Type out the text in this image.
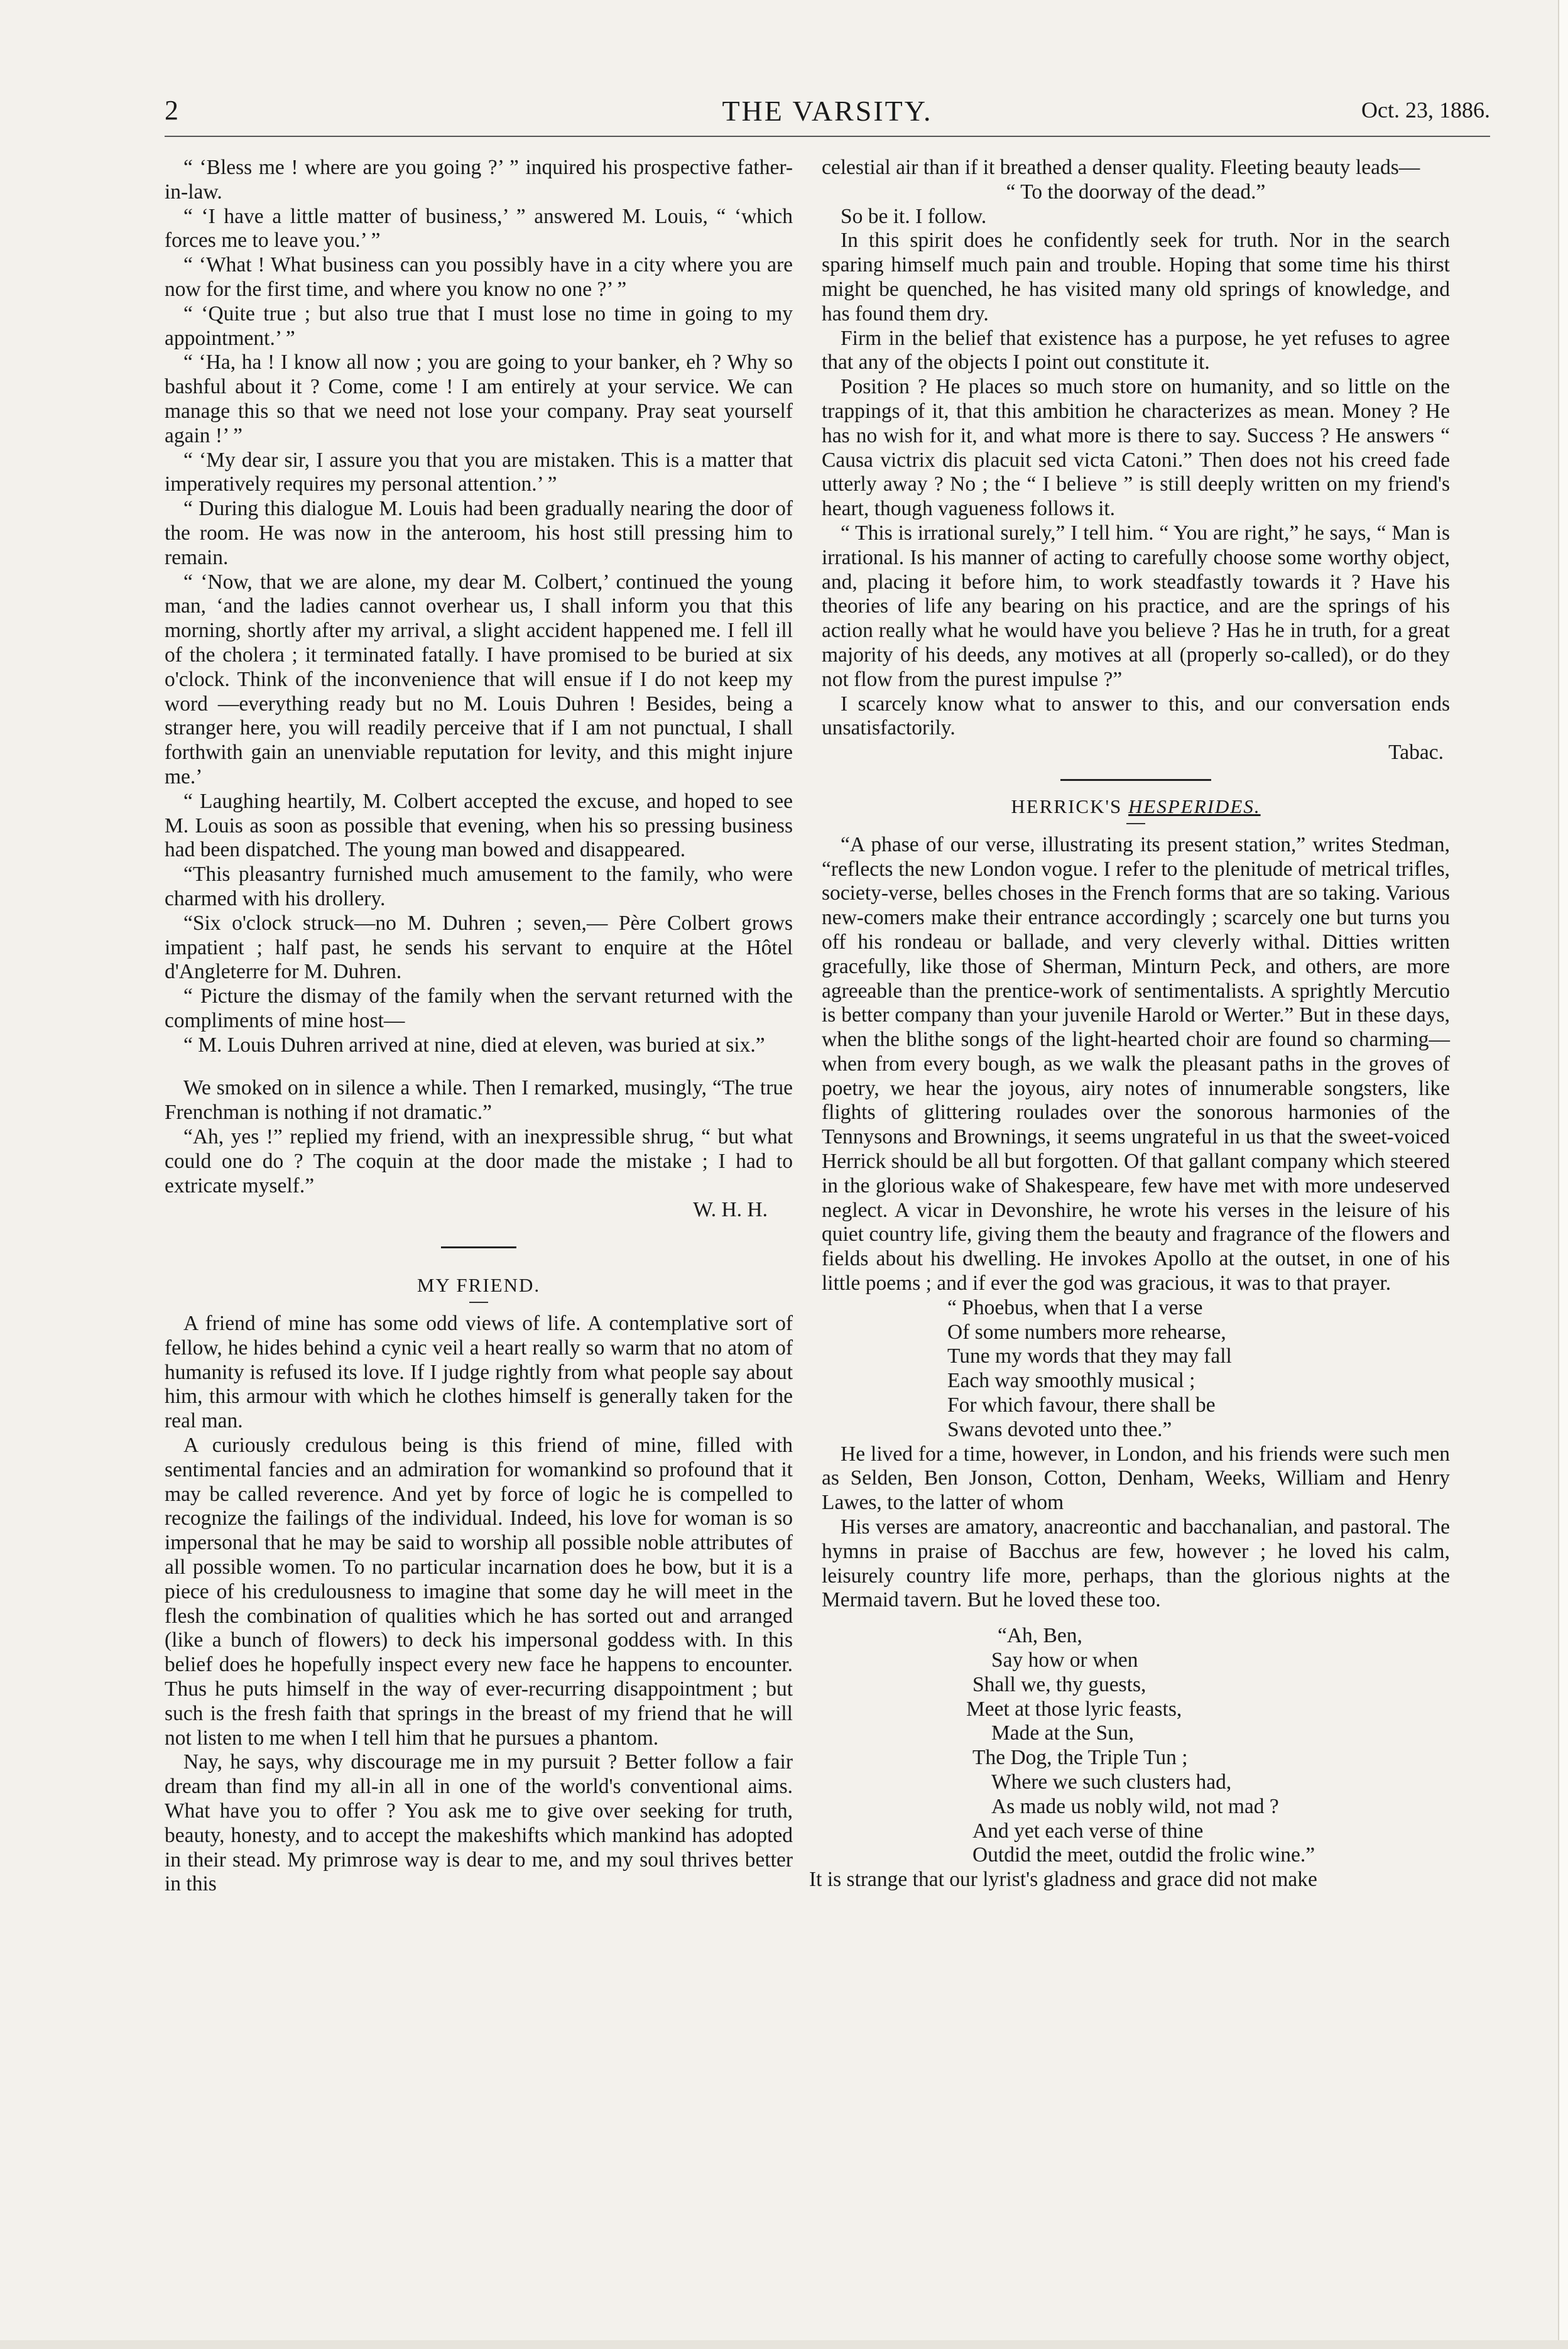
2	THE VARSITY.	Oct. 23, 1886.

“ ‘Bless me ! where are you going ?’ ” inquired his prospective father-in-law.

“ ‘I have a little matter of business,’ ” answered M. Louis, “ ‘which forces me to leave you.’ ”

“ ‘What ! What business can you possibly have in a city where you are now for the first time, and where you know no one ?’ ”

“ ‘Quite true ; but also true that I must lose no time in going to my appointment.’ ”

“ ‘Ha, ha ! I know all now ; you are going to your banker, eh ? Why so bashful about it ? Come, come ! I am entirely at your service. We can manage this so that we need not lose your company. Pray seat yourself again !’ ”

“ ‘My dear sir, I assure you that you are mistaken. This is a matter that imperatively requires my personal attention.’ ”

“ During this dialogue M. Louis had been gradually nearing the door of the room. He was now in the anteroom, his host still pressing him to remain.

“ ‘Now, that we are alone, my dear M. Colbert,’ continued the young man, ‘and the ladies cannot overhear us, I shall inform you that this morning, shortly after my arrival, a slight accident happened me. I fell ill of the cholera ; it terminated fatally. I have promised to be buried at six o'clock. Think of the inconvenience that will ensue if I do not keep my word —everything ready but no M. Louis Duhren ! Besides, being a stranger here, you will readily perceive that if I am not punctual, I shall forthwith gain an unenviable reputation for levity, and this might injure me.’

“ Laughing heartily, M. Colbert accepted the excuse, and hoped to see M. Louis as soon as possible that evening, when his so pressing business had been dispatched. The young man bowed and disappeared.

“This pleasantry furnished much amusement to the family, who were charmed with his drollery.

“Six o'clock struck—no M. Duhren ; seven,— Père Colbert grows impatient ; half past, he sends his servant to enquire at the Hôtel d'Angleterre for M. Duhren.

“ Picture the dismay of the family when the servant returned with the compliments of mine host—

“ M. Louis Duhren arrived at nine, died at eleven, was buried at six.”

We smoked on in silence a while. Then I remarked, musingly, “The true Frenchman is nothing if not dramatic.”

“Ah, yes !” replied my friend, with an inexpressible shrug, “ but what could one do ? The coquin at the door made the mistake ; I had to extricate myself.”

W. H. H.

MY FRIEND.

A friend of mine has some odd views of life. A contemplative sort of fellow, he hides behind a cynic veil a heart really so warm that no atom of humanity is refused its love. If I judge rightly from what people say about him, this armour with which he clothes himself is generally taken for the real man.

A curiously credulous being is this friend of mine, filled with sentimental fancies and an admiration for womankind so profound that it may be called reverence. And yet by force of logic he is compelled to recognize the failings of the individual. Indeed, his love for woman is so impersonal that he may be said to worship all possible noble attributes of all possible women. To no particular incarnation does he bow, but it is a piece of his credulousness to imagine that some day he will meet in the flesh the combination of qualities which he has sorted out and arranged (like a bunch of flowers) to deck his impersonal goddess with. In this belief does he hopefully inspect every new face he happens to encounter. Thus he puts himself in the way of ever-recurring disappointment ; but such is the fresh faith that springs in the breast of my friend that he will not listen to me when I tell him that he pursues a phantom.

Nay, he says, why discourage me in my pursuit ? Better follow a fair dream than find my all-in all in one of the world's conventional aims. What have you to offer ? You ask me to give over seeking for truth, beauty, honesty, and to accept the makeshifts which mankind has adopted in their stead. My primrose way is dear to me, and my soul thrives better in this

celestial air than if it breathed a denser quality. Fleeting beauty leads—

“ To the doorway of the dead.”

So be it. I follow.

In this spirit does he confidently seek for truth. Nor in the search sparing himself much pain and trouble. Hoping that some time his thirst might be quenched, he has visited many old springs of knowledge, and has found them dry.

Firm in the belief that existence has a purpose, he yet refuses to agree that any of the objects I point out constitute it.

Position ? He places so much store on humanity, and so little on the trappings of it, that this ambition he characterizes as mean. Money ? He has no wish for it, and what more is there to say. Success ? He answers “ Causa victrix dis placuit sed victa Catoni.” Then does not his creed fade utterly away ? No ; the “ I believe ” is still deeply written on my friend's heart, though vagueness follows it.

“ This is irrational surely,” I tell him. “ You are right,” he says, “ Man is irrational. Is his manner of acting to carefully choose some worthy object, and, placing it before him, to work steadfastly towards it ? Have his theories of life any bearing on his practice, and are the springs of his action really what he would have you believe ? Has he in truth, for a great majority of his deeds, any motives at all (properly so-called), or do they not flow from the purest impulse ?”

I scarcely know what to answer to this, and our conversation ends unsatisfactorily.

Tabac.

HERRICK'S HESPERIDES.

“A phase of our verse, illustrating its present station,” writes Stedman, “reflects the new London vogue. I refer to the plenitude of metrical trifles, society-verse, belles choses in the French forms that are so taking. Various new-comers make their entrance accordingly ; scarcely one but turns you off his rondeau or ballade, and very cleverly withal. Ditties written gracefully, like those of Sherman, Minturn Peck, and others, are more agreeable than the prentice-work of sentimentalists. A sprightly Mercutio is better company than your juvenile Harold or Werter.” But in these days, when the blithe songs of the light-hearted choir are found so charming—when from every bough, as we walk the pleasant paths in the groves of poetry, we hear the joyous, airy notes of innumerable songsters, like flights of glittering roulades over the sonorous harmonies of the Tennysons and Brownings, it seems ungrateful in us that the sweet-voiced Herrick should be all but forgotten. Of that gallant company which steered in the glorious wake of Shakespeare, few have met with more undeserved neglect. A vicar in Devonshire, he wrote his verses in the leisure of his quiet country life, giving them the beauty and fragrance of the flowers and fields about his dwelling. He invokes Apollo at the outset, in one of his little poems ; and if ever the god was gracious, it was to that prayer.

“ Phoebus, when that I a verse
Of some numbers more rehearse,
Tune my words that they may fall
Each way smoothly musical ;
For which favour, there shall be
Swans devoted unto thee.”

He lived for a time, however, in London, and his friends were such men as Selden, Ben Jonson, Cotton, Denham, Weeks, William and Henry Lawes, to the latter of whom

His verses are amatory, anacreontic and bacchanalian, and pastoral. The hymns in praise of Bacchus are few, however ; he loved his calm, leisurely country life more, perhaps, than the glorious nights at the Mermaid tavern. But he loved these too.

“Ah, Ben,
Say how or when
Shall we, thy guests,
Meet at those lyric feasts,
Made at the Sun,
The Dog, the Triple Tun ;
Where we such clusters had,
As made us nobly wild, not mad ?
And yet each verse of thine
Outdid the meet, outdid the frolic wine.”

It is strange that our lyrist's gladness and grace did not make
